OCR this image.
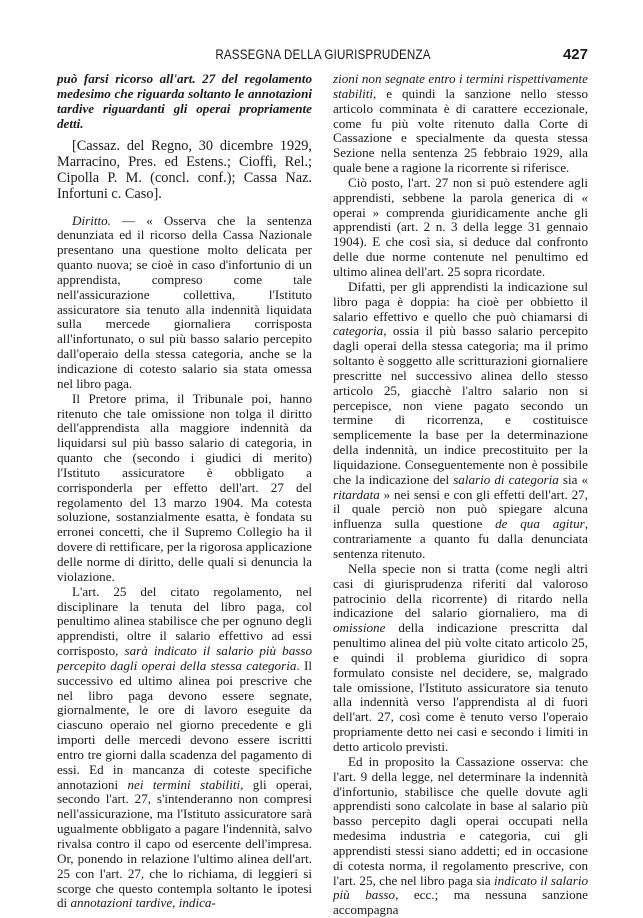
RASSEGNA DELLA GIURISPRUDENZA	427

può farsi ricorso all'art. 27 del regolamento medesimo che riguarda soltanto le annotazioni tardive riguardanti gli operai propriamente detti.

[Cassaz. del Regno, 30 dicembre 1929, Marracino, Pres. ed Estens.; Cioffi, Rel.; Cipolla P. M. (concl. conf.); Cassa Naz. Infortuni c. Caso].

Diritto. — « Osserva che la sentenza denunziata ed il ricorso della Cassa Nazionale presentano una questione molto delicata per quanto nuova; se cioè in caso d'infortunio di un apprendista, compreso come tale nell'assicurazione collettiva, l'Istituto assicuratore sia tenuto alla indennità liquidata sulla mercede giornaliera corrisposta all'infortunato, o sul più basso salario percepito dall'operaio della stessa categoria, anche se la indicazione di cotesto salario sia stata omessa nel libro paga.

Il Pretore prima, il Tribunale poi, hanno ritenuto che tale omissione non tolga il diritto dell'apprendista alla maggiore indennità da liquidarsi sul più basso salario di categoria, in quanto che (secondo i giudici di merito) l'Istituto assicuratore è obbligato a corrisponderla per effetto dell'art. 27 del regolamento del 13 marzo 1904. Ma cotesta soluzione, sostanzialmente esatta, è fondata su erronei concetti, che il Supremo Collegio ha il dovere di rettificare, per la rigorosa applicazione delle norme di diritto, delle quali si denuncia la violazione.

L'art. 25 del citato regolamento, nel disciplinare la tenuta del libro paga, col penultimo alinea stabilisce che per ognuno degli apprendisti, oltre il salario effettivo ad essi corrisposto, sarà indicato il salario più basso percepito dagli operai della stessa categoria. Il successivo ed ultimo alinea poi prescrive che nel libro paga devono essere segnate, giornalmente, le ore di lavoro eseguite da ciascuno operaio nel giorno precedente e gli importi delle mercedi devono essere iscritti entro tre giorni dalla scadenza del pagamento di essi. Ed in mancanza di coteste specifiche annotazioni nei termini stabiliti, gli operai, secondo l'art. 27, s'intenderanno non compresi nell'assicurazione, ma l'Istituto assicuratore sarà ugualmente obbligato a pagare l'indennità, salvo rivalsa contro il capo od esercente dell'impresa. Or, ponendo in relazione l'ultimo alinea dell'art. 25 con l'art. 27, che lo richiama, di leggieri si scorge che questo contempla soltanto le ipotesi di annotazioni tardive, indica-

zioni non segnate entro i termini rispettivamente stabiliti, e quindi la sanzione nello stesso articolo comminata è di carattere eccezionale, come fu più volte ritenuto dalla Corte di Cassazione e specialmente da questa stessa Sezione nella sentenza 25 febbraio 1929, alla quale bene a ragione la ricorrente si riferisce.

Ciò posto, l'art. 27 non si può estendere agli apprendisti, sebbene la parola generica di « operai » comprenda giuridicamente anche gli apprendisti (art. 2 n. 3 della legge 31 gennaio 1904). E che così sia, si deduce dal confronto delle due norme contenute nel penultimo ed ultimo alinea dell'art. 25 sopra ricordate.

Difatti, per gli apprendisti la indicazione sul libro paga è doppia: ha cioè per obbietto il salario effettivo e quello che può chiamarsi di categoria, ossia il più basso salario percepito dagli operai della stessa categoria; ma il primo soltanto è soggetto alle scritturazioni giornaliere prescritte nel successivo alinea dello stesso articolo 25, giacchè l'altro salario non si percepisce, non viene pagato secondo un termine di ricorrenza, e costituisce semplicemente la base per la determinazione della indennità, un indice precostituito per la liquidazione. Conseguentemente non è possibile che la indicazione del salario di categoria sia « ritardata » nei sensi e con gli effetti dell'art. 27, il quale perciò non può spiegare alcuna influenza sulla questione de qua agitur, contrariamente a quanto fu dalla denunciata sentenza ritenuto.

Nella specie non si tratta (come negli altri casi di giurisprudenza riferiti dal valoroso patrocinio della ricorrente) di ritardo nella indicazione del salario giornaliero, ma di omissione della indicazione prescritta dal penultimo alinea del più volte citato articolo 25, e quindi il problema giuridico di sopra formulato consiste nel decidere, se, malgrado tale omissione, l'Istituto assicuratore sia tenuto alla indennità verso l'apprendista al di fuori dell'art. 27, così come è tenuto verso l'operaio propriamente detto nei casi e secondo i limiti in detto articolo previsti.

Ed in proposito la Cassazione osserva: che l'art. 9 della legge, nel determinare la indennità d'infortunio, stabilisce che quelle dovute agli apprendisti sono calcolate in base al salario più basso percepito dagli operai occupati nella medesima industria e categoria, cui gli apprendisti stessi siano addetti; ed in occasione di cotesta norma, il regolamento prescrive, con l'art. 25, che nel libro paga sia indicato il salario più basso, ecc.; ma nessuna sanzione accompagna
